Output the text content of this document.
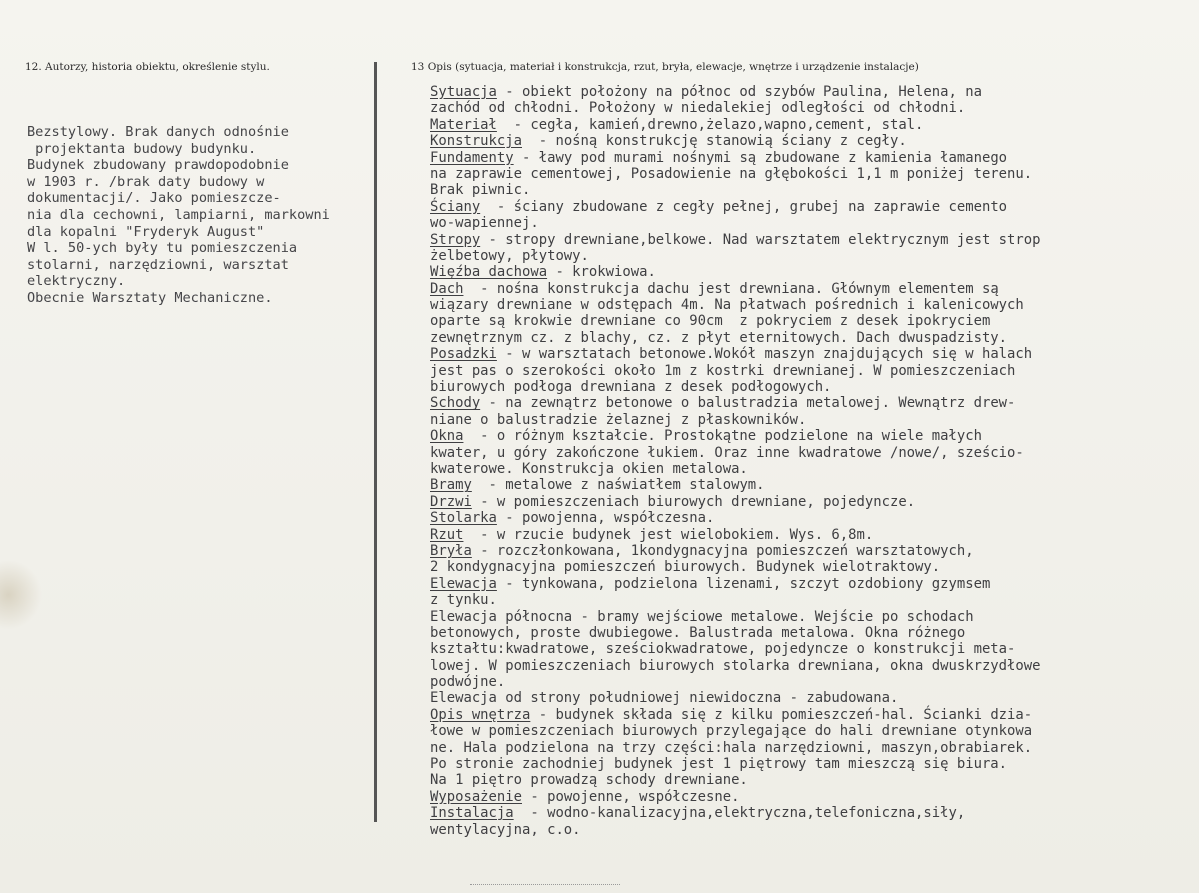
12. Autorzy, historia obiektu, określenie stylu.	13 Opis (sytuacja, materiał i konstrukcja, rzut, bryła, elewacje, wnętrze i urządzenie instalacje)
Bezstylowy. Brak danych odnośnie
projektanta budowy budynku.
Budynek zbudowany prawdopodobnie
w 1903 r. /brak daty budowy w
dokumentacji/. Jako pomieszcze-
nia dla cechowni, lampiarni, markowni
dla kopalni "Fryderyk August"
W l. 50-ych były tu pomieszczenia
stolarni, narzędziowni, warsztat
elektryczny.
Obecnie Warsztaty Mechaniczne.
Sytuacja - obiekt położony na północ od szybów Paulina, Helena, na
zachód od chłodni. Położony w niedalekiej odległości od chłodni.
Materiał  - cegła, kamień,drewno,żelazo,wapno,cement, stal.
Konstrukcja  - nośną konstrukcję stanowią ściany z cegły.
Fundamenty - ławy pod murami nośnymi są zbudowane z kamienia łamanego
na zaprawie cementowej, Posadowienie na głębokości 1,1 m poniżej terenu.
Brak piwnic.
Ściany  - ściany zbudowane z cegły pełnej, grubej na zaprawie cemento
wo-wapiennej.
Stropy - stropy drewniane,belkowe. Nad warsztatem elektrycznym jest strop
żelbetowy, płytowy.
Więźba dachowa - krokwiowa.
Dach  - nośna konstrukcja dachu jest drewniana. Głównym elementem są
wiązary drewniane w odstępach 4m. Na płatwach pośrednich i kalenicowych
oparte są krokwie drewniane co 90cm  z pokryciem z desek ipokryciem
zewnętrznym cz. z blachy, cz. z płyt eternitowych. Dach dwuspadzisty.
Posadzki - w warsztatach betonowe.Wokół maszyn znajdujących się w halach
jest pas o szerokości około 1m z kostrki drewnianej. W pomieszczeniach
biurowych podłoga drewniana z desek podłogowych.
Schody - na zewnątrz betonowe o balustradzia metalowej. Wewnątrz drew-
niane o balustradzie żelaznej z płaskowników.
Okna  - o różnym kształcie. Prostokątne podzielone na wiele małych
kwater, u góry zakończone łukiem. Oraz inne kwadratowe /nowe/, sześcio-
kwaterowe. Konstrukcja okien metalowa.
Bramy  - metalowe z naświatłem stalowym.
Drzwi - w pomieszczeniach biurowych drewniane, pojedyncze.
Stolarka - powojenna, współczesna.
Rzut  - w rzucie budynek jest wielobokiem. Wys. 6,8m.
Bryła - rozczłonkowana, 1kondygnacyjna pomieszczeń warsztatowych,
2 kondygnacyjna pomieszczeń biurowych. Budynek wielotraktowy.
Elewacja - tynkowana, podzielona lizenami, szczyt ozdobiony gzymsem
z tynku.
Elewacja północna - bramy wejściowe metalowe. Wejście po schodach
betonowych, proste dwubiegowe. Balustrada metalowa. Okna różnego
kształtu:kwadratowe, sześciokwadratowe, pojedyncze o konstrukcji meta-
lowej. W pomieszczeniach biurowych stolarka drewniana, okna dwuskrzydłowe
podwójne.
Elewacja od strony południowej niewidoczna - zabudowana.
Opis wnętrza - budynek składa się z kilku pomieszczeń-hal. Ścianki dzia-
łowe w pomieszczeniach biurowych przylegające do hali drewniane otynkowa
ne. Hala podzielona na trzy części:hala narzędziowni, maszyn,obrabiarek.
Po stronie zachodniej budynek jest 1 piętrowy tam mieszczą się biura.
Na 1 piętro prowadzą schody drewniane.
Wyposażenie - powojenne, współczesne.
Instalacja  - wodno-kanalizacyjna,elektryczna,telefoniczna,siły,
wentylacyjna, c.o.
